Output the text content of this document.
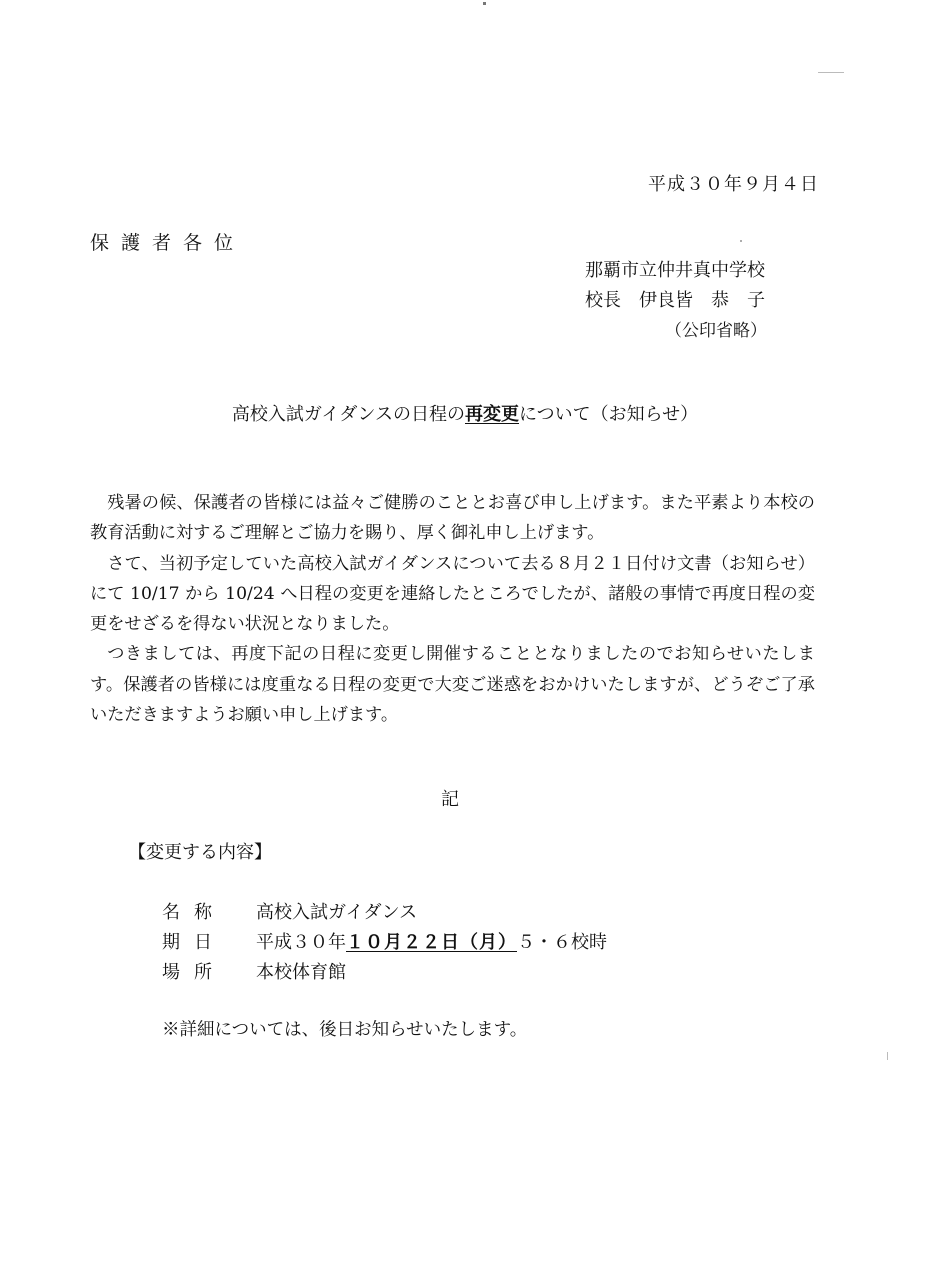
平成３０年９月４日
保護者各位
那覇市立仲井真中学校
校長　伊良皆　恭　子
（公印省略）
高校入試ガイダンスの日程の再変更について（お知らせ）

残暑の候、保護者の皆様には益々ご健勝のこととお喜び申し上げます。また平素より本校の教育活動に対するご理解とご協力を賜り、厚く御礼申し上げます。

さて、当初予定していた高校入試ガイダンスについて去る８月２１日付け文書（お知らせ）にて 10/17 から 10/24 へ日程の変更を連絡したところでしたが、諸般の事情で再度日程の変更をせざるを得ない状況となりました。

つきましては、再度下記の日程に変更し開催することとなりましたのでお知らせいたします。保護者の皆様には度重なる日程の変更で大変ご迷惑をおかけいたしますが、どうぞご了承いただきますようお願い申し上げます。

記
【変更する内容】
名称 高校入試ガイダンス
期日 平成３０年１０月２２日（月）５・６校時
場所 本校体育館
※詳細については、後日お知らせいたします。
